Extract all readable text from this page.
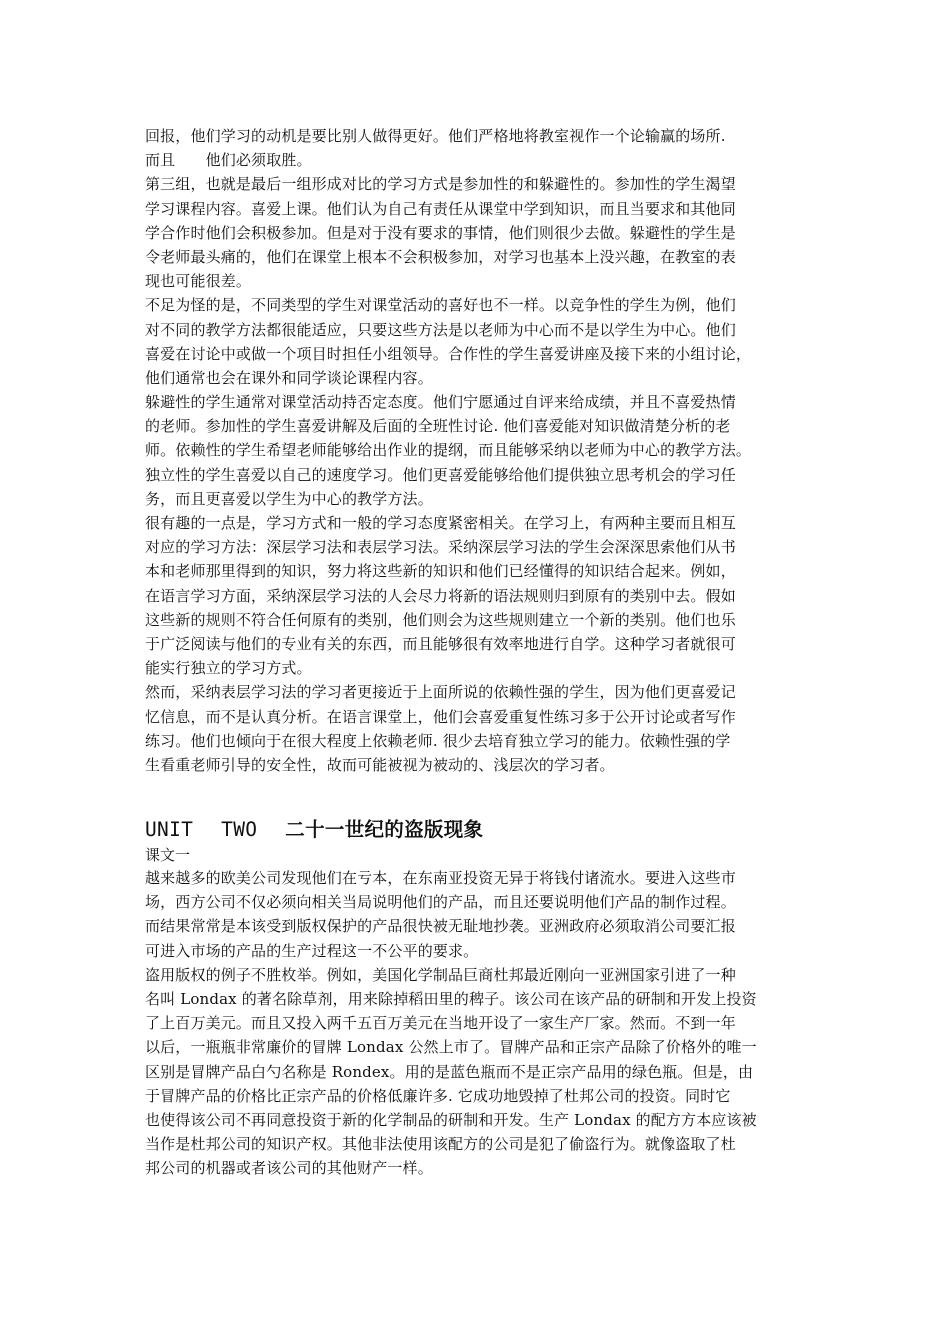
回报，他们学习的动机是要比别人做得更好。他们严格地将教室视作一个论输赢的场所.
而且　　他们必须取胜。
第三组，也就是最后一组形成对比的学习方式是参加性的和躲避性的。参加性的学生渴望
学习课程内容。喜爱上课。他们认为自己有责任从课堂中学到知识，而且当要求和其他同
学合作时他们会积极参加。但是对于没有要求的事情，他们则很少去做。躲避性的学生是
令老师最头痛的，他们在课堂上根本不会积极参加，对学习也基本上没兴趣，在教室的表
现也可能很差。
不足为怪的是，不同类型的学生对课堂活动的喜好也不一样。以竞争性的学生为例，他们
对不同的教学方法都很能适应，只要这些方法是以老师为中心而不是以学生为中心。他们
喜爱在讨论中或做一个项目时担任小组领导。合作性的学生喜爱讲座及接下来的小组讨论，
他们通常也会在课外和同学谈论课程内容。
躲避性的学生通常对课堂活动持否定态度。他们宁愿通过自评来给成绩，并且不喜爱热情
的老师。参加性的学生喜爱讲解及后面的全班性讨论. 他们喜爱能对知识做清楚分析的老
师。依赖性的学生希望老师能够给出作业的提纲，而且能够采纳以老师为中心的教学方法。
独立性的学生喜爱以自己的速度学习。他们更喜爱能够给他们提供独立思考机会的学习任
务，而且更喜爱以学生为中心的教学方法。
很有趣的一点是，学习方式和一般的学习态度紧密相关。在学习上，有两种主要而且相互
对应的学习方法：深层学习法和表层学习法。采纳深层学习法的学生会深深思索他们从书
本和老师那里得到的知识，努力将这些新的知识和他们已经懂得的知识结合起来。例如，
在语言学习方面，采纳深层学习法的人会尽力将新的语法规则归到原有的类别中去。假如
这些新的规则不符合任何原有的类别，他们则会为这些规则建立一个新的类别。他们也乐
于广泛阅读与他们的专业有关的东西，而且能够很有效率地进行自学。这种学习者就很可
能实行独立的学习方式。
然而，采纳表层学习法的学习者更接近于上面所说的依赖性强的学生，因为他们更喜爱记
忆信息，而不是认真分析。在语言课堂上，他们会喜爱重复性练习多于公开讨论或者写作
练习。他们也倾向于在很大程度上依赖老师. 很少去培育独立学习的能力。依赖性强的学
生看重老师引导的安全性，故而可能被视为被动的、浅层次的学习者。
UNIT TWO 二十一世纪的盗版现象
课文一
越来越多的欧美公司发现他们在亏本，在东南亚投资无异于将钱付诸流水。要进入这些市
场，西方公司不仅必须向相关当局说明他们的产品，而且还要说明他们产品的制作过程。
而结果常常是本该受到版权保护的产品很快被无耻地抄袭。亚洲政府必须取消公司要汇报
可进入市场的产品的生产过程这一不公平的要求。
盗用版权的例子不胜枚举。例如，美国化学制品巨商杜邦最近刚向一亚洲国家引进了一种
名叫 Londax 的著名除草剂，用来除掉稻田里的稗子。该公司在该产品的研制和开发上投资
了上百万美元。而且又投入两千五百万美元在当地开设了一家生产厂家。然而。不到一年
以后，一瓶瓶非常廉价的冒牌 Londax 公然上市了。冒牌产品和正宗产品除了价格外的唯一
区别是冒牌产品白勺名称是 Rondex。用的是蓝色瓶而不是正宗产品用的绿色瓶。但是，由
于冒牌产品的价格比正宗产品的价格低廉许多. 它成功地毁掉了杜邦公司的投资。同时它
也使得该公司不再同意投资于新的化学制品的研制和开发。生产 Londax 的配方方本应该被
当作是杜邦公司的知识产权。其他非法使用该配方的公司是犯了偷盗行为。就像盗取了杜
邦公司的机器或者该公司的其他财产一样。
